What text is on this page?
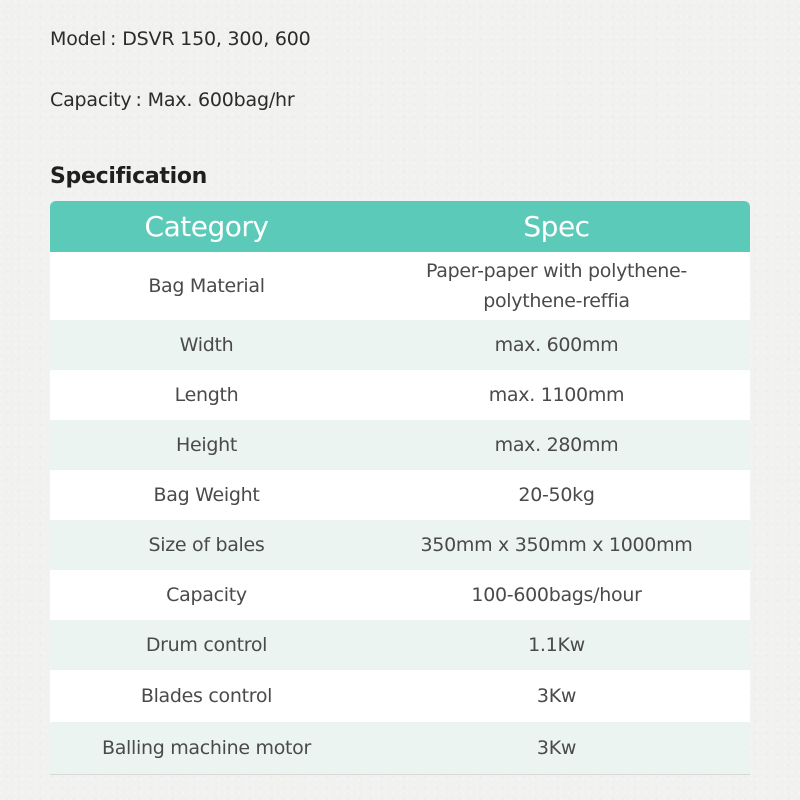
Model : DSVR 150, 300, 600
Capacity : Max. 600bag/hr
Specification
Category	Spec
Bag Material	Paper-paper with polythene-
polythene-reffia
Width	max. 600mm
Length	max. 1100mm
Height	max. 280mm
Bag Weight	20-50kg
Size of bales	350mm x 350mm x 1000mm
Capacity	100-600bags/hour
Drum control	1.1Kw
Blades control	3Kw
Balling machine motor	3Kw
